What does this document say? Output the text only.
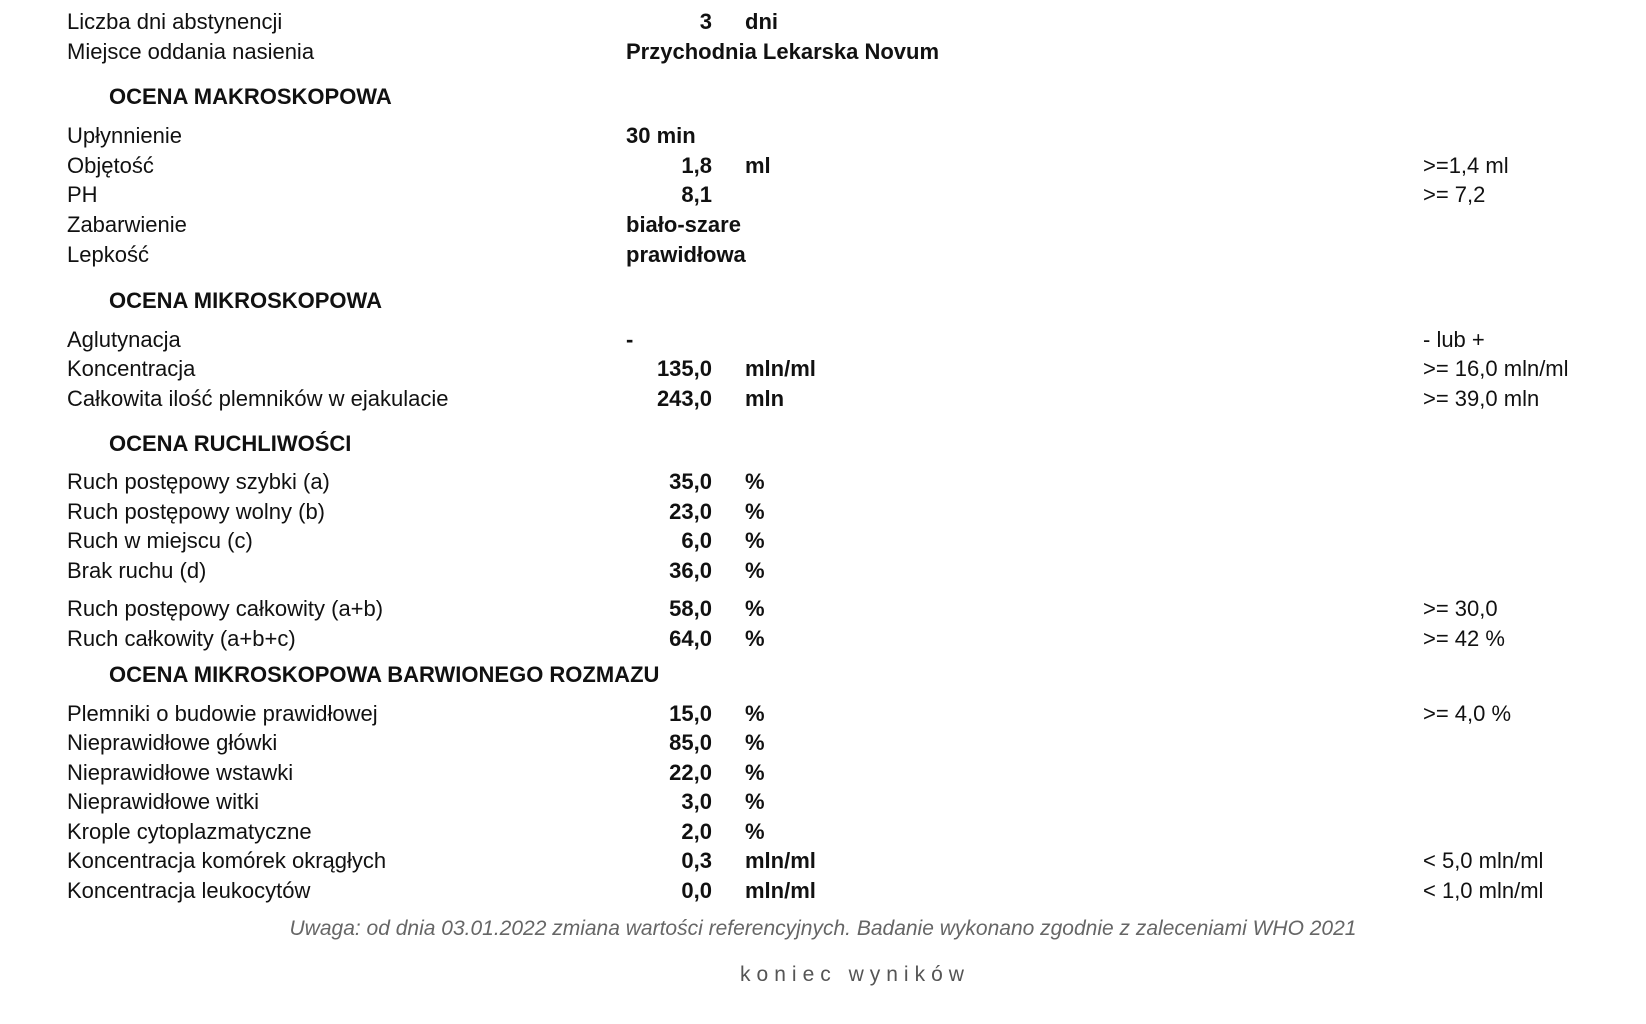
Liczba dni abstynencji	3 dni
Miejsce oddania nasienia	Przychodnia Lekarska Novum
OCENA MAKROSKOPOWA
Upłynnienie	30 min
Objętość	1,8 ml	>=1,4 ml
PH	8,1	>= 7,2
Zabarwienie	biało-szare
Lepkość	prawidłowa
OCENA MIKROSKOPOWA
Aglutynacja	-	- lub +
Koncentracja	135,0 mln/ml	>= 16,0 mln/ml
Całkowita ilość plemników w ejakulacie	243,0 mln	>= 39,0 mln
OCENA RUCHLIWOŚCI
Ruch postępowy szybki (a)	35,0 %
Ruch postępowy wolny (b)	23,0 %
Ruch w miejscu (c)	6,0 %
Brak ruchu (d)	36,0 %
Ruch postępowy całkowity (a+b)	58,0 %	>= 30,0
Ruch całkowity (a+b+c)	64,0 %	>= 42 %
OCENA MIKROSKOPOWA BARWIONEGO ROZMAZU
Plemniki o budowie prawidłowej	15,0 %	>= 4,0 %
Nieprawidłowe główki	85,0 %
Nieprawidłowe wstawki	22,0 %
Nieprawidłowe witki	3,0 %
Krople cytoplazmatyczne	2,0 %
Koncentracja komórek okrągłych	0,3 mln/ml	< 5,0 mln/ml
Koncentracja leukocytów	0,0 mln/ml	< 1,0 mln/ml
Uwaga: od dnia 03.01.2022 zmiana wartości referencyjnych. Badanie wykonano zgodnie z zaleceniami WHO 2021
koniec wyników
